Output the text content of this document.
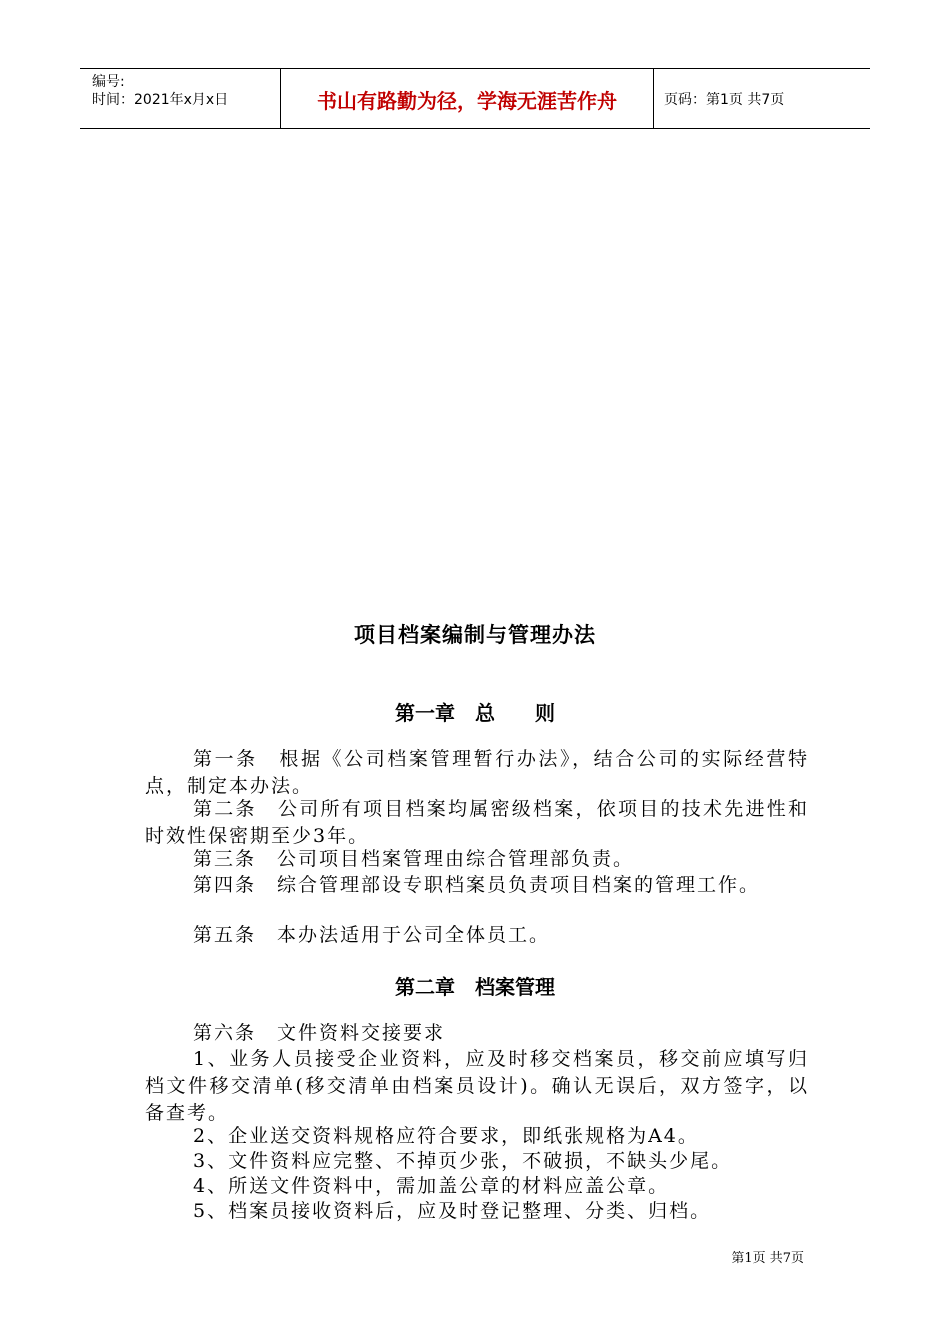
编号:
时间：2021年x月x日	书山有路勤为径，学海无涯苦作舟	页码：第1页 共7页
项目档案编制与管理办法
第一章　总　　则
第一条　根据《公司档案管理暂行办法》，结合公司的实际经营特点，制定本办法。
第二条　公司所有项目档案均属密级档案，依项目的技术先进性和时效性保密期至少3年。
第三条　公司项目档案管理由综合管理部负责。
第四条　综合管理部设专职档案员负责项目档案的管理工作。
第五条　本办法适用于公司全体员工。
第二章　档案管理
第六条　文件资料交接要求
1、业务人员接受企业资料，应及时移交档案员，移交前应填写归档文件移交清单(移交清单由档案员设计)。确认无误后，双方签字，以备查考。
2、企业送交资料规格应符合要求，即纸张规格为A4。
3、文件资料应完整、不掉页少张，不破损，不缺头少尾。
4、所送文件资料中，需加盖公章的材料应盖公章。
5、档案员接收资料后，应及时登记整理、分类、归档。
第1页 共7页
